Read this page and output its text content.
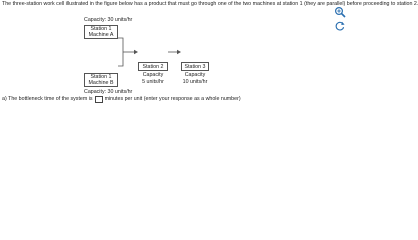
The three-station work cell illustrated in the figure below has a product that must go through one of the two machines at station 1 (they are parallel) before proceeding to station 2.
Capacity: 30 units/hr
Station 1
Machine A
Station 1
Machine B
Capacity: 30 units/hr
Station 2
Capacity
5 units/hr
Station 3
Capacity
10 units/hr
a) The bottleneck time of the system is minutes per unit (enter your response as a whole number)
